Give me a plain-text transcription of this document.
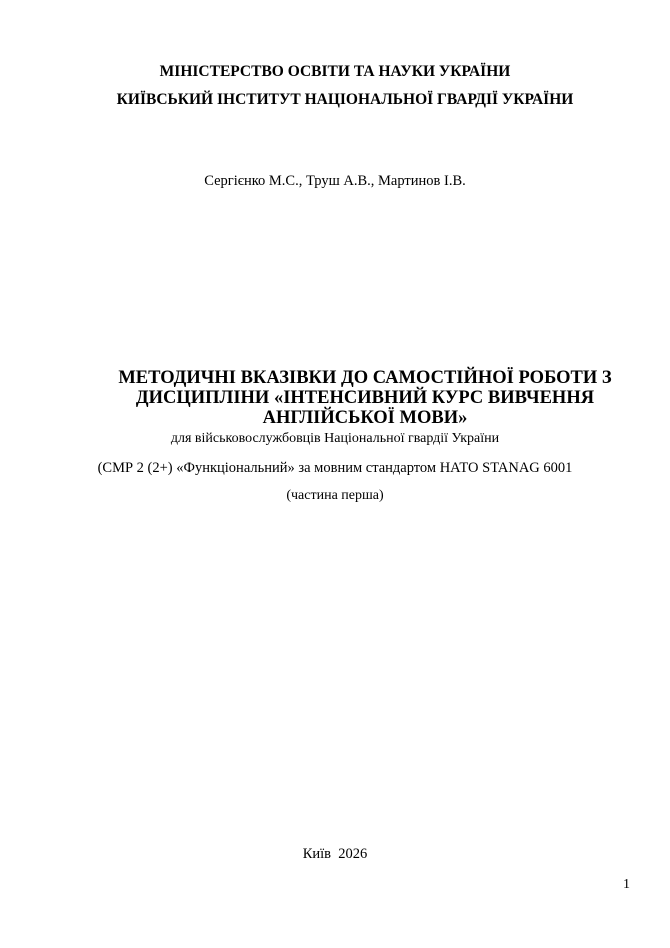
МІНІСТЕРСТВО ОСВІТИ ТА НАУКИ УКРАЇНИ
КИЇВСЬКИЙ ІНСТИТУТ НАЦІОНАЛЬНОЇ ГВАРДІЇ УКРАЇНИ
Сергієнко М.С., Труш А.В., Мартинов І.В.
МЕТОДИЧНІ ВКАЗІВКИ ДО САМОСТІЙНОЇ РОБОТИ З
ДИСЦИПЛІНИ «ІНТЕНСИВНИЙ КУРС ВИВЧЕННЯ
АНГЛІЙСЬКОЇ МОВИ»
для військовослужбовців Національної гвардії України
(СМР 2 (2+) «Функціональний» за мовним стандартом НАТО STANAG 6001
(частина перша)
Київ  2026
1
